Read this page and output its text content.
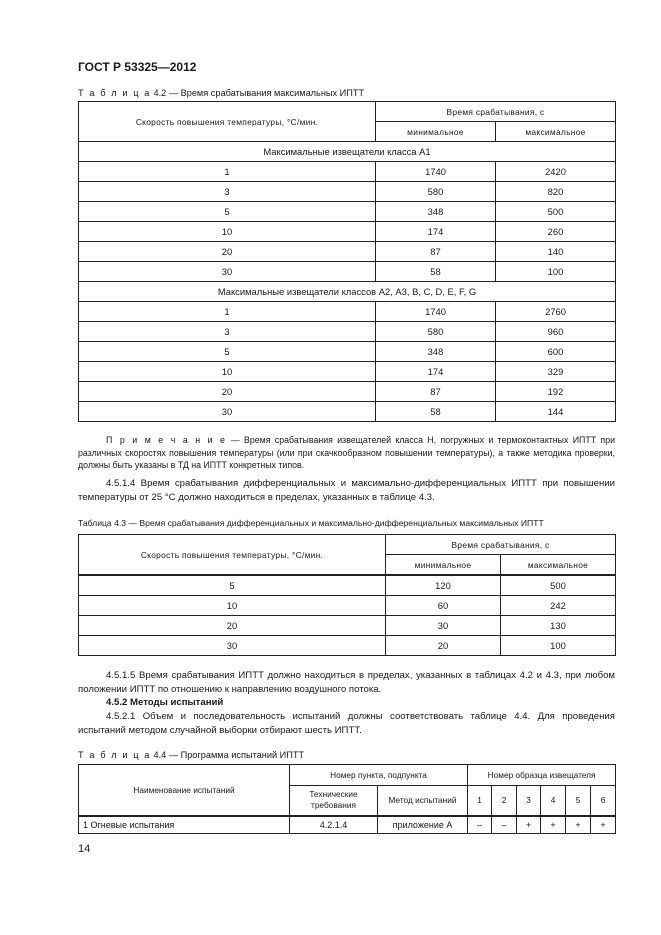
ГОСТ Р 53325—2012
Т а б л и ц а 4.2 — Время срабатывания максимальных ИПТТ
Скорость повышения температуры, °С/мин.	Время срабатывания, с	
	минимальное	максимальное
Максимальные извещатели класса А1		
1	1740	2420
3	580	820
5	348	500
10	174	260
20	87	140
30	58	100
Максимальные извещатели классов А2, А3, В, С, D, Е, F, G		
1	1740	2760
3	580	960
5	348	600
10	174	329
20	87	192
30	58	144
П р и м е ч а н и е — Время срабатывания извещателей класса Н, погружных и термоконтактных ИПТТ при различных скоростях повышения температуры (или при скачкообразном повышении температуры), а также методика проверки, должны быть указаны в ТД на ИПТТ конкретных типов.
4.5.1.4 Время срабатывания дифференциальных и максимально-дифференциальных ИПТТ при повышении температуры от 25 °С должно находиться в пределах, указанных в таблице 4.3.
Таблица 4.3 — Время срабатывания дифференциальных и максимально-дифференциальных максимальных ИПТТ
Скорость повышения температуры, °С/мин.	Время срабатывания, с	
	минимальное	максимальное
5	120	500
10	60	242
20	30	130
30	20	100
4.5.1.5 Время срабатывания ИПТТ должно находиться в пределах, указанных в таблицах 4.2 и 4.3, при любом положении ИПТТ по отношению к направлению воздушного потока.
4.5.2 Методы испытаний
4.5.2.1 Объем и последовательность испытаний должны соответствовать таблице 4.4. Для проведения испытаний методом случайной выборки отбирают шесть ИПТТ.
Т а б л и ц а 4.4 — Программа испытаний ИПТТ
Наименование испытаний	Номер пункта, подпункта		Номер образца извещателя					
	Технические требования	Метод испытаний	1	2	3	4	5	6
1 Огневые испытания	4.2.1.4	приложение А	–	–	+	+	+	+
14
